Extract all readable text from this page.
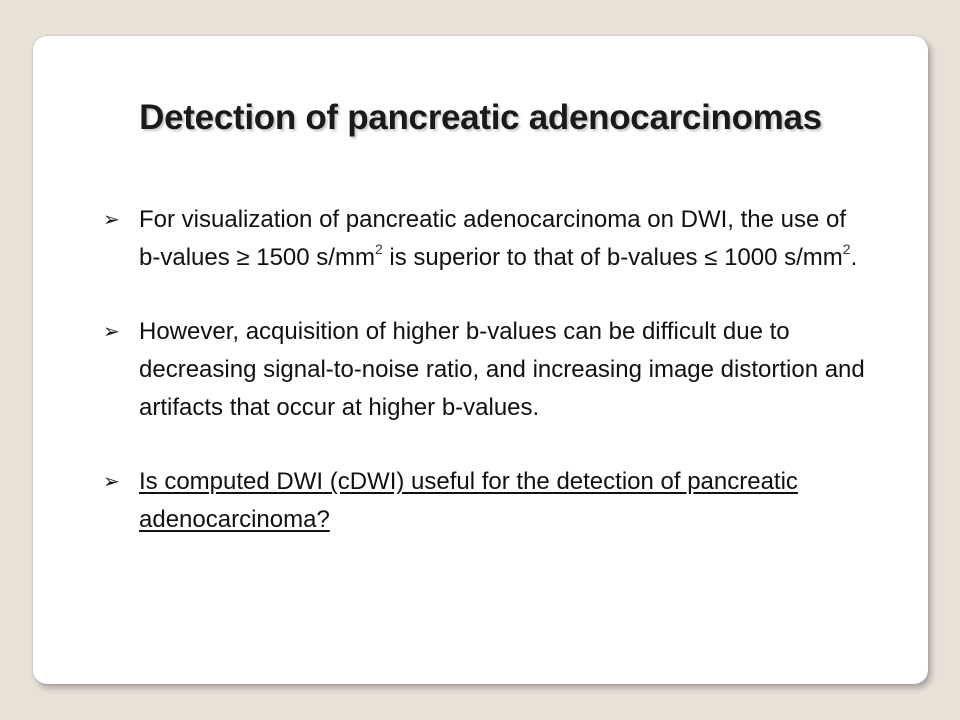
Detection of pancreatic adenocarcinomas
➢ For visualization of pancreatic adenocarcinoma on DWI, the use of b-values ≥ 1500 $s/mm^2$ is superior to that of b-values ≤ 1000 $s/mm^2$.
➢ However, acquisition of higher b-values can be difficult due to decreasing signal-to-noise ratio, and increasing image distortion and artifacts that occur at higher b-values.
➢ Is computed DWI (cDWI) useful for the detection of pancreatic adenocarcinoma?
